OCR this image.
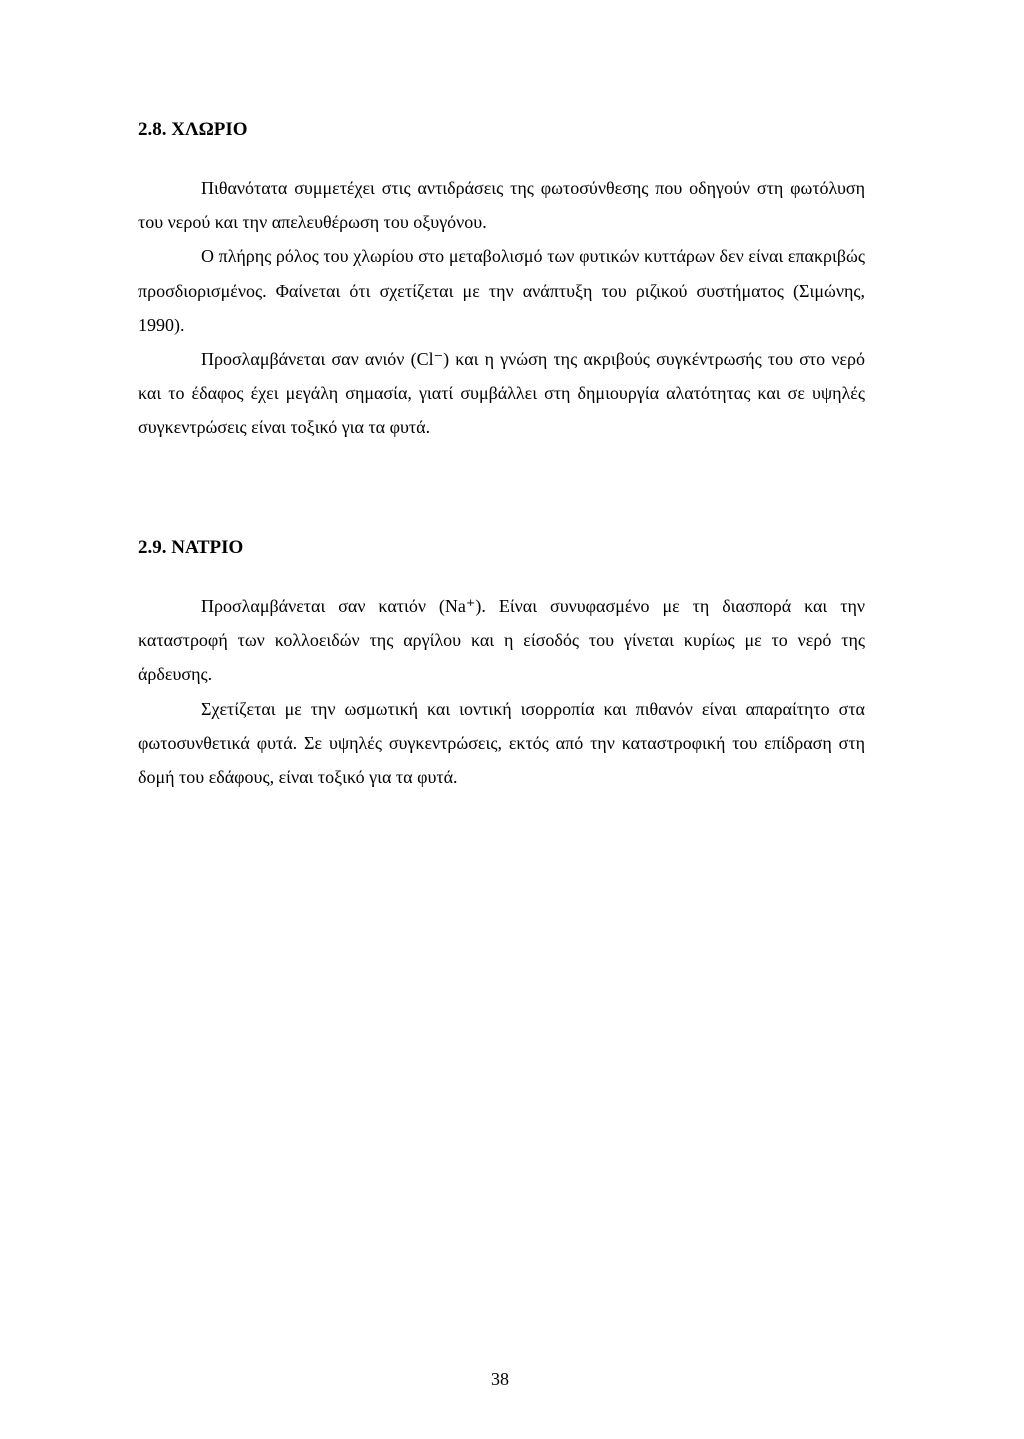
2.8. ΧΛΩΡΙΟ

Πιθανότατα συμμετέχει στις αντιδράσεις της φωτοσύνθεσης που οδηγούν στη φωτόλυση του νερού και την απελευθέρωση του οξυγόνου.

Ο πλήρης ρόλος του χλωρίου στο μεταβολισμό των φυτικών κυττάρων δεν είναι επακριβώς προσδιορισμένος. Φαίνεται ότι σχετίζεται με την ανάπτυξη του ριζικού συστήματος (Σιμώνης, 1990).

Προσλαμβάνεται σαν ανιόν (Cl⁻) και η γνώση της ακριβούς συγκέντρωσής του στο νερό και το έδαφος έχει μεγάλη σημασία, γιατί συμβάλλει στη δημιουργία αλατότητας και σε υψηλές συγκεντρώσεις είναι τοξικό για τα φυτά.

2.9. ΝΑΤΡΙΟ

Προσλαμβάνεται σαν κατιόν (Na⁺). Είναι συνυφασμένο με τη διασπορά και την καταστροφή των κολλοειδών της αργίλου και η είσοδός του γίνεται κυρίως με το νερό της άρδευσης.

Σχετίζεται με την ωσμωτική και ιοντική ισορροπία και πιθανόν είναι απαραίτητο στα φωτοσυνθετικά φυτά. Σε υψηλές συγκεντρώσεις, εκτός από την καταστροφική του επίδραση στη δομή του εδάφους, είναι τοξικό για τα φυτά.

38
